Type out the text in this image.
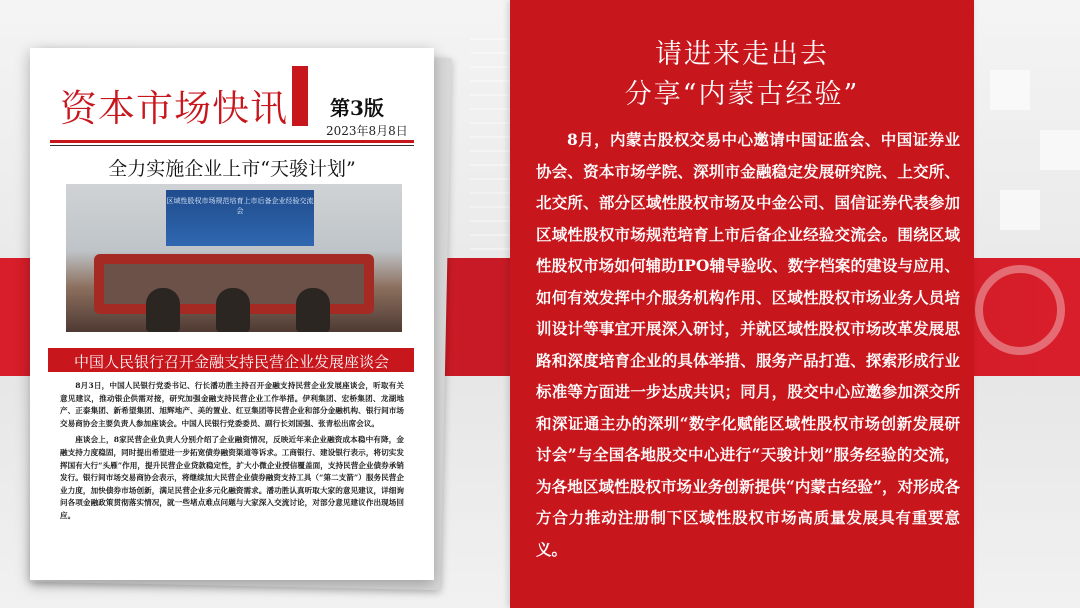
资本市场快讯 第3版
2023年8月8日
全力实施企业上市“天骏计划”
区域性股权市场规范培育上市后备企业经验交流会
中国人民银行召开金融支持民营企业发展座谈会

8月3日，中国人民银行党委书记、行长潘功胜主持召开金融支持民营企业发展座谈会，听取有关意见建议，推动银企供需对接，研究加强金融支持民营企业工作举措。伊利集团、宏桥集团、龙湖地产、正泰集团、新希望集团、旭辉地产、美的置业、红豆集团等民营企业和部分金融机构、银行间市场交易商协会主要负责人参加座谈会。中国人民银行党委委员、副行长刘国强、张青松出席会议。

座谈会上，8家民营企业负责人分别介绍了企业融资情况，反映近年来企业融资成本稳中有降，金融支持力度稳固，同时提出希望进一步拓宽债券融资渠道等诉求。工商银行、建设银行表示，将切实发挥国有大行“头雁”作用，提升民营企业贷款稳定性，扩大小微企业授信覆盖面，支持民营企业债券承销发行。银行间市场交易商协会表示，将继续加大民营企业债券融资支持工具（“第二支箭”）服务民营企业力度，加快债券市场创新，满足民营企业多元化融资需求。潘功胜认真听取大家的意见建议，详细询问各项金融政策贯彻落实情况，就一些堵点难点问题与大家深入交流讨论，对部分意见建议作出现场回应。

请进来走出去
分享“内蒙古经验”
8月，内蒙古股权交易中心邀请中国证监会、中国证券业协会、资本市场学院、深圳市金融稳定发展研究院、上交所、北交所、部分区域性股权市场及中金公司、国信证券代表参加区域性股权市场规范培育上市后备企业经验交流会。围绕区域性股权市场如何辅助IPO辅导验收、数字档案的建设与应用、如何有效发挥中介服务机构作用、区域性股权市场业务人员培训设计等事宜开展深入研讨，并就区域性股权市场改革发展思路和深度培育企业的具体举措、服务产品打造、探索形成行业标准等方面进一步达成共识；同月，股交中心应邀参加深交所和深证通主办的深圳“数字化赋能区域性股权市场创新发展研讨会”与全国各地股交中心进行“天骏计划”服务经验的交流，为各地区域性股权市场业务创新提供“内蒙古经验”，对形成各方合力推动注册制下区域性股权市场高质量发展具有重要意义。
